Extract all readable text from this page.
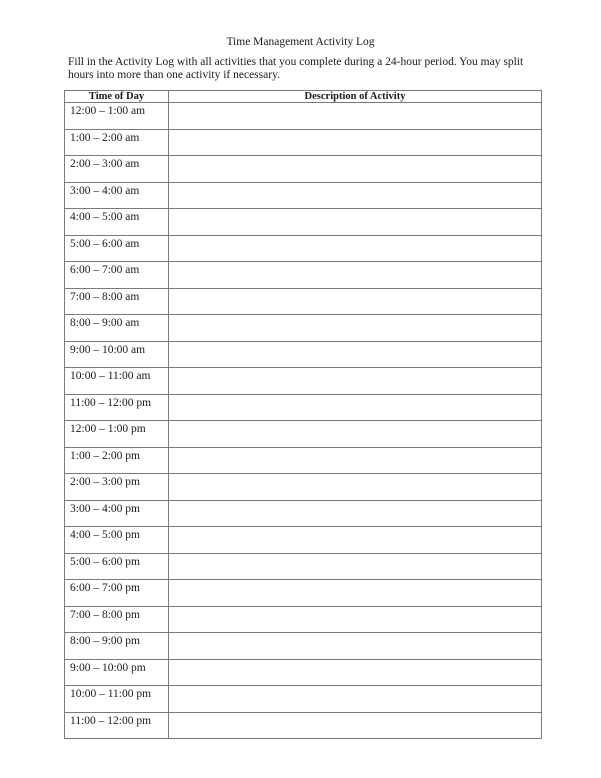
Time Management Activity Log
Fill in the Activity Log with all activities that you complete during a 24-hour period. You may split hours into more than one activity if necessary.
Time of Day	Description of Activity

12:00 – 1:00 am	

1:00 – 2:00 am	

2:00 – 3:00 am	

3:00 – 4:00 am	

4:00 – 5:00 am	

5:00 – 6:00 am	

6:00 – 7:00 am	

7:00 – 8:00 am	

8:00 – 9:00 am	

9:00 – 10:00 am	

10:00 – 11:00 am	

11:00 – 12:00 pm	

12:00 – 1:00 pm	

1:00 – 2:00 pm	

2:00 – 3:00 pm	

3:00 – 4:00 pm	

4:00 – 5:00 pm	

5:00 – 6:00 pm	

6:00 – 7:00 pm	

7:00 – 8:00 pm	

8:00 – 9:00 pm	

9:00 – 10:00 pm	

10:00 – 11:00 pm	

11:00 – 12:00 pm	
